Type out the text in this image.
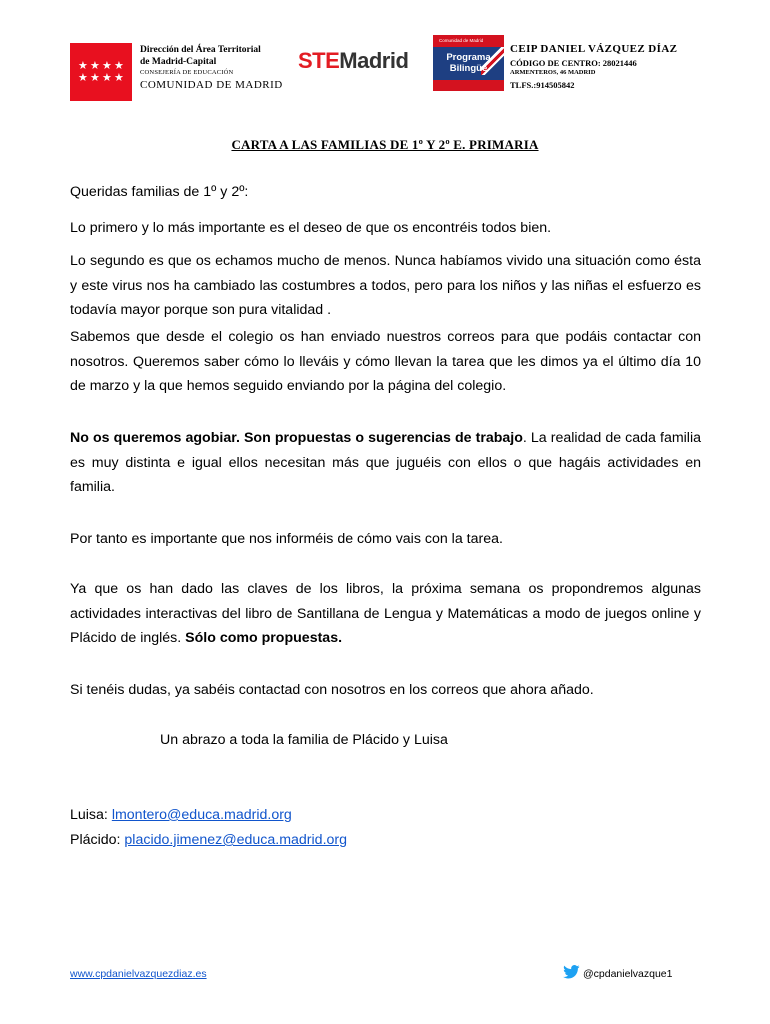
★ ★ ★ ★
★ ★ ★ ★
Dirección del Área Territorial
de Madrid-Capital
CONSEJERÍA DE EDUCACIÓN
COMUNIDAD DE MADRID
STEMadrid
Comunidad de Madrid
Programa
Bilingüe
CEIP DANIEL VÁZQUEZ DÍAZ
CÓDIGO DE CENTRO: 28021446
ARMENTEROS, 46 MADRID
TLFS.:914505842
CARTA A LAS FAMILIAS DE 1º Y 2º E. PRIMARIA
Queridas familias de 1º y 2º:
Lo primero y lo más importante es el deseo de que os encontréis todos bien.
Lo segundo es que os echamos mucho de menos. Nunca habíamos vivido una situación como ésta y este virus nos ha cambiado las costumbres a todos, pero para los niños y las niñas el esfuerzo es todavía mayor porque son pura vitalidad .
Sabemos que desde el colegio os han enviado nuestros correos para que podáis contactar con nosotros. Queremos saber cómo lo lleváis y cómo llevan la tarea que les dimos ya el último día 10 de marzo y la que hemos seguido enviando por la página del colegio.
No os queremos agobiar. Son propuestas o sugerencias de trabajo. La realidad de cada familia es muy distinta e igual ellos necesitan más que juguéis con ellos o que hagáis actividades en familia.
Por tanto es importante que nos informéis de cómo vais con la tarea.
Ya que os han dado las claves de los libros, la próxima semana os propondremos algunas actividades interactivas del libro de Santillana de Lengua y Matemáticas a modo de juegos online y Plácido de inglés. Sólo como propuestas.
Si tenéis dudas, ya sabéis contactad con nosotros en los correos que ahora añado.
Un abrazo a toda la familia de Plácido y Luisa
Luisa: lmontero@educa.madrid.org
Plácido: placido.jimenez@educa.madrid.org
www.cpdanielvazquezdiaz.es	@cpdanielvazque1
